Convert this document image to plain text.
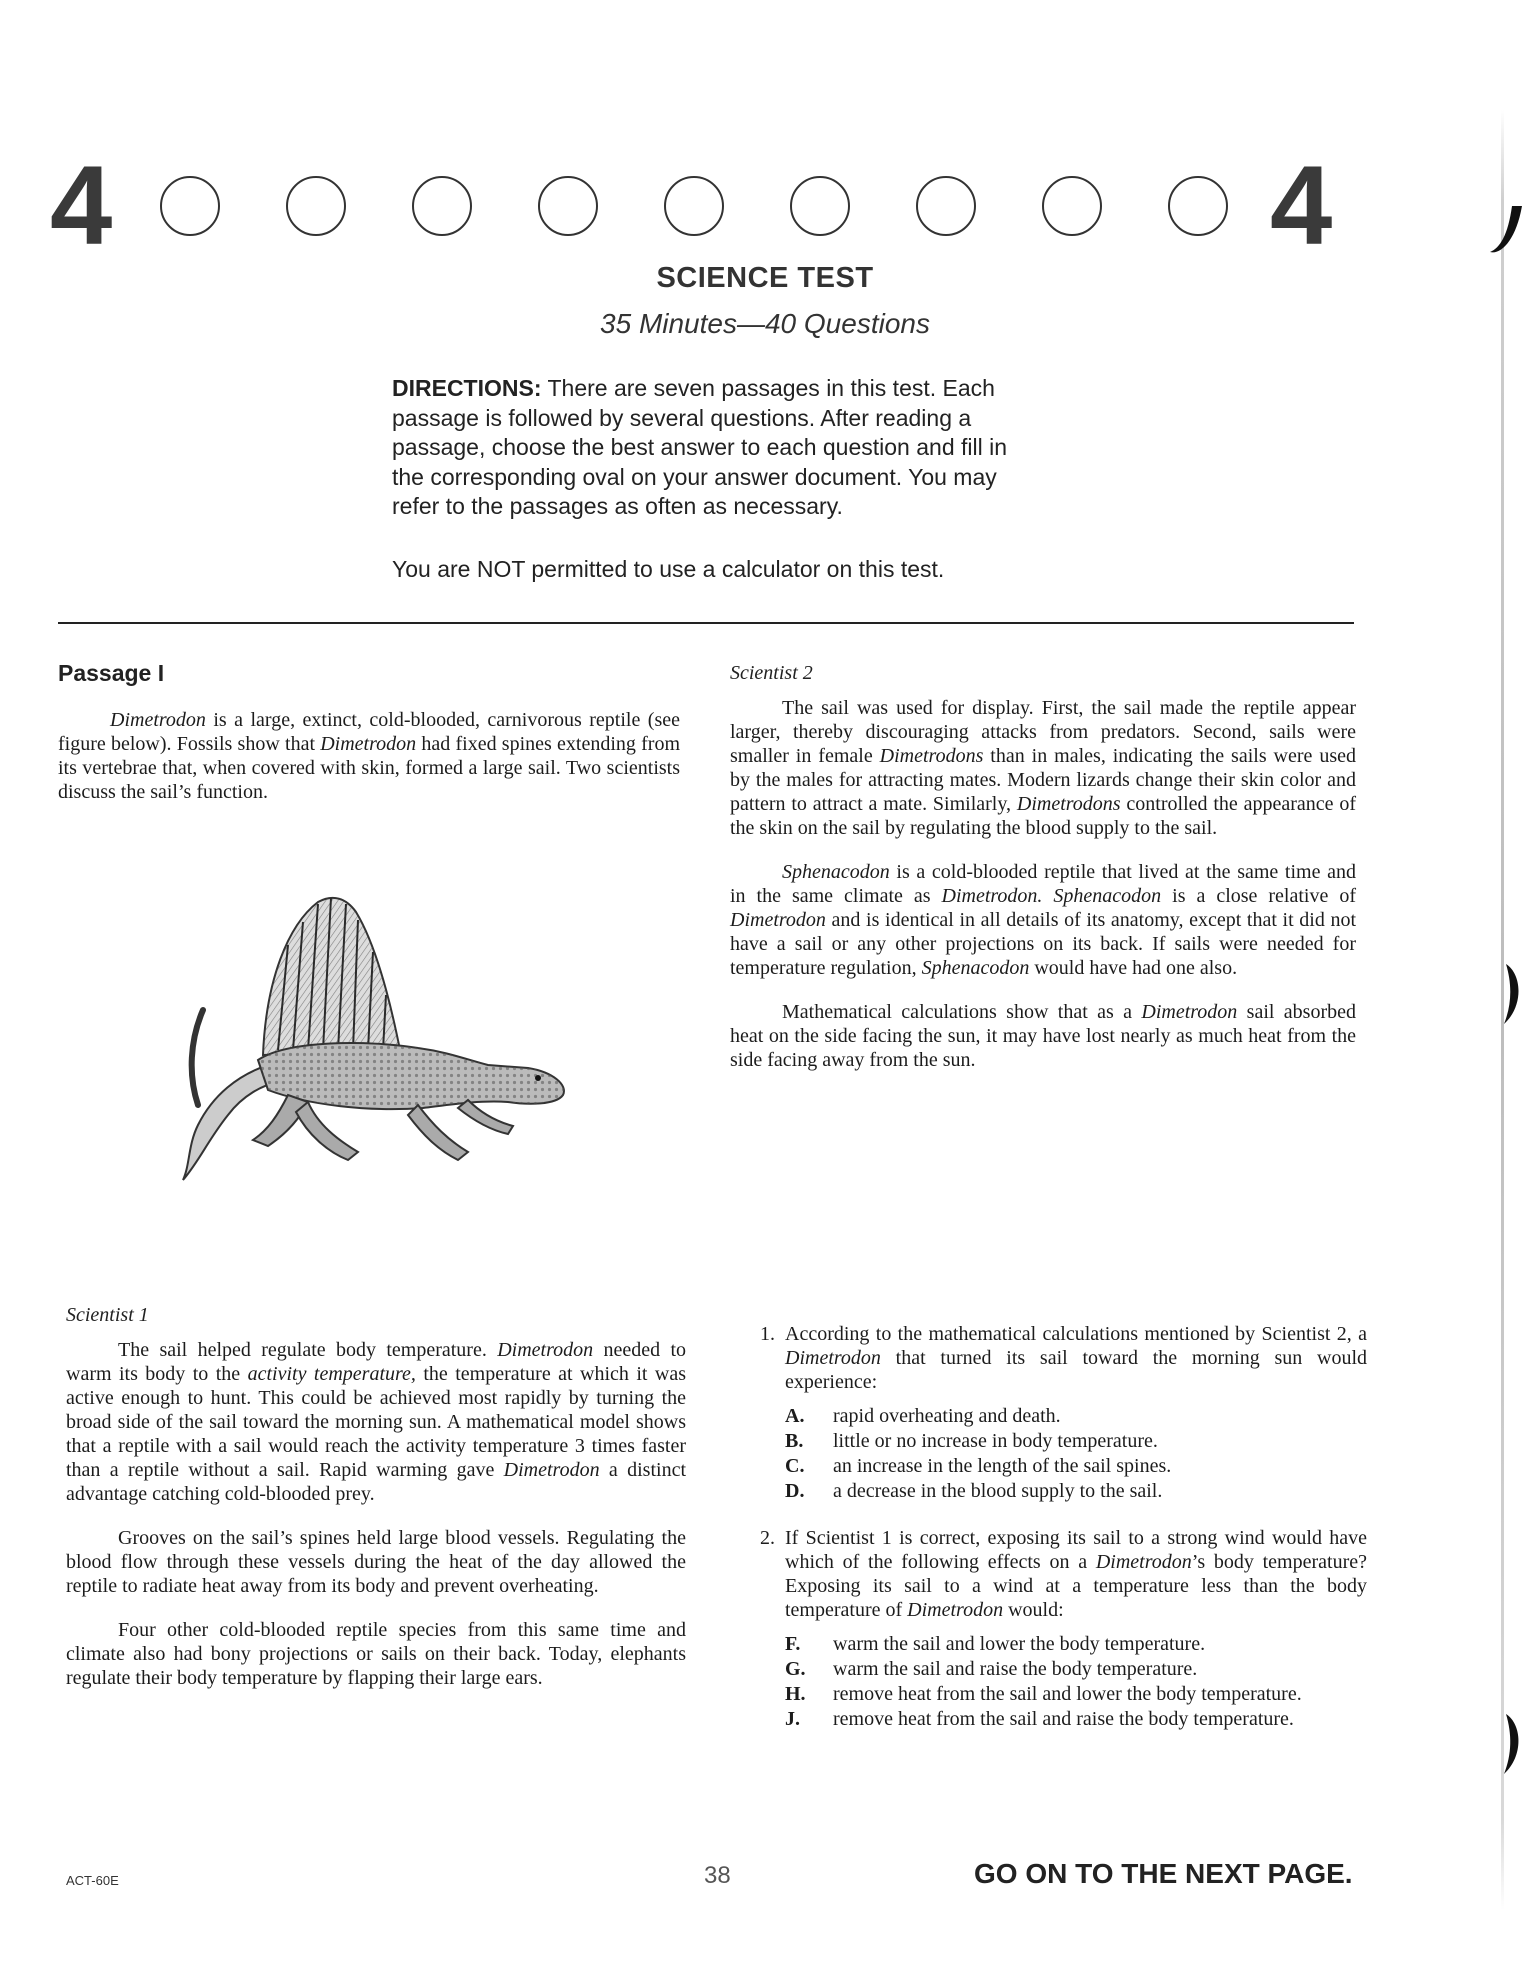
4	4
SCIENCE TEST
35 Minutes—40 Questions
DIRECTIONS: There are seven passages in this test. Each passage is followed by several questions. After reading a passage, choose the best answer to each question and fill in the corresponding oval on your answer document. You may refer to the passages as often as necessary.
You are NOT permitted to use a calculator on this test.
Passage I

Dimetrodon is a large, extinct, cold-blooded, carnivorous reptile (see figure below). Fossils show that Dimetrodon had fixed spines extending from its vertebrae that, when covered with skin, formed a large sail. Two scientists discuss the sail’s function.

Scientist 1

The sail helped regulate body temperature. Dimetrodon needed to warm its body to the activity temperature, the temperature at which it was active enough to hunt. This could be achieved most rapidly by turning the broad side of the sail toward the morning sun. A mathematical model shows that a reptile with a sail would reach the activity temperature 3 times faster than a reptile without a sail. Rapid warming gave Dimetrodon a distinct advantage catching cold-blooded prey.

Grooves on the sail’s spines held large blood vessels. Regulating the blood flow through these vessels during the heat of the day allowed the reptile to radiate heat away from its body and prevent overheating.

Four other cold-blooded reptile species from this same time and climate also had bony projections or sails on their back. Today, elephants regulate their body temperature by flapping their large ears.

Scientist 2

The sail was used for display. First, the sail made the reptile appear larger, thereby discouraging attacks from predators. Second, sails were smaller in female Dimetrodons than in males, indicating the sails were used by the males for attracting mates. Modern lizards change their skin color and pattern to attract a mate. Similarly, Dimetrodons controlled the appearance of the skin on the sail by regulating the blood supply to the sail.

Sphenacodon is a cold-blooded reptile that lived at the same time and in the same climate as Dimetrodon. Sphenacodon is a close relative of Dimetrodon and is identical in all details of its anatomy, except that it did not have a sail or any other projections on its back. If sails were needed for temperature regulation, Sphenacodon would have had one also.

Mathematical calculations show that as a Dimetrodon sail absorbed heat on the side facing the sun, it may have lost nearly as much heat from the side facing away from the sun.

1. According to the mathematical calculations mentioned by Scientist 2, a Dimetrodon that turned its sail toward the morning sun would experience:
A.	rapid overheating and death.
B.	little or no increase in body temperature.
C.	an increase in the length of the sail spines.
D.	a decrease in the blood supply to the sail.
2. If Scientist 1 is correct, exposing its sail to a strong wind would have which of the following effects on a Dimetrodon’s body temperature? Exposing its sail to a wind at a temperature less than the body temperature of Dimetrodon would:
F.	warm the sail and lower the body temperature.
G.	warm the sail and raise the body temperature.
H.	remove heat from the sail and lower the body temperature.
J.	remove heat from the sail and raise the body temperature.
ACT-60E	38	GO ON TO THE NEXT PAGE.
